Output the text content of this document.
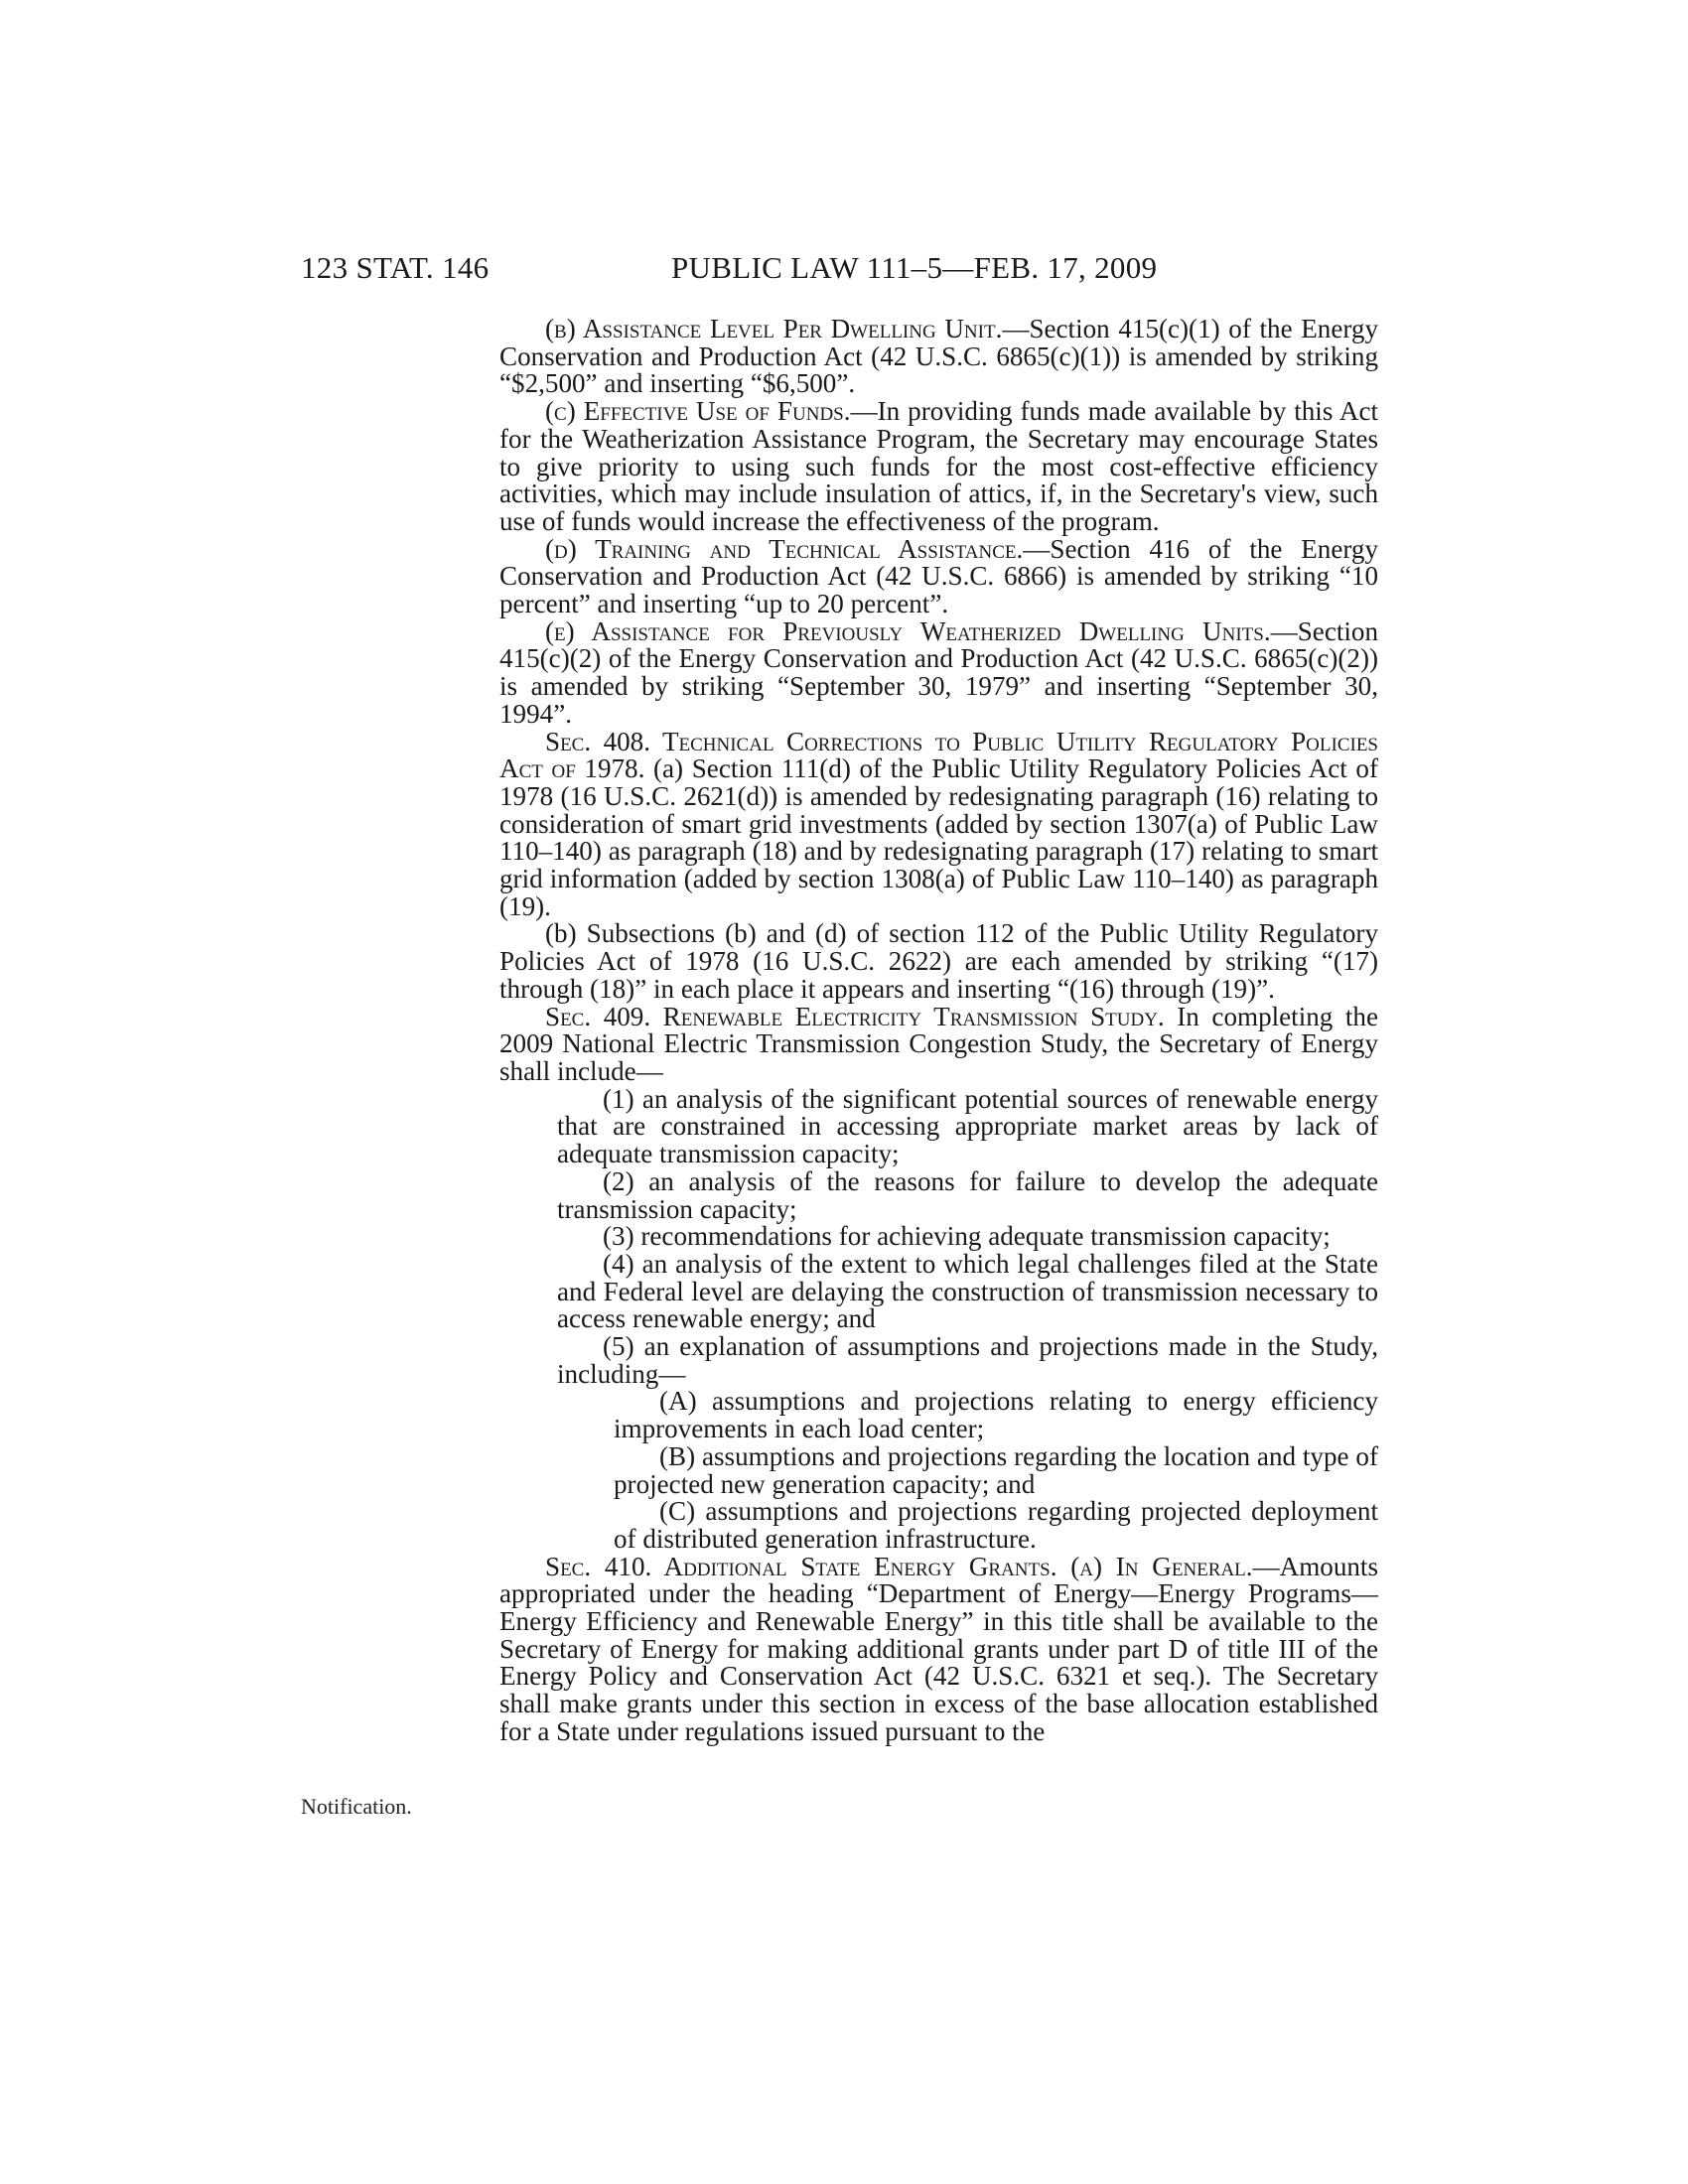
123 STAT. 146	PUBLIC LAW 111–5—FEB. 17, 2009
Notification.

(b) Assistance Level Per Dwelling Unit.—Section 415(c)(1) of the Energy Conservation and Production Act (42 U.S.C. 6865(c)(1)) is amended by striking “$2,500” and inserting “$6,500”.

(c) Effective Use of Funds.—In providing funds made available by this Act for the Weatherization Assistance Program, the Secretary may encourage States to give priority to using such funds for the most cost-effective efficiency activities, which may include insulation of attics, if, in the Secretary's view, such use of funds would increase the effectiveness of the program.

(d) Training and Technical Assistance.—Section 416 of the Energy Conservation and Production Act (42 U.S.C. 6866) is amended by striking “10 percent” and inserting “up to 20 percent”.

(e) Assistance for Previously Weatherized Dwelling Units.—Section 415(c)(2) of the Energy Conservation and Production Act (42 U.S.C. 6865(c)(2)) is amended by striking “September 30, 1979” and inserting “September 30, 1994”.

Sec. 408. Technical Corrections to Public Utility Regulatory Policies Act of 1978. (a) Section 111(d) of the Public Utility Regulatory Policies Act of 1978 (16 U.S.C. 2621(d)) is amended by redesignating paragraph (16) relating to consideration of smart grid investments (added by section 1307(a) of Public Law 110–140) as paragraph (18) and by redesignating paragraph (17) relating to smart grid information (added by section 1308(a) of Public Law 110–140) as paragraph (19).

(b) Subsections (b) and (d) of section 112 of the Public Utility Regulatory Policies Act of 1978 (16 U.S.C. 2622) are each amended by striking “(17) through (18)” in each place it appears and inserting “(16) through (19)”.

Sec. 409. Renewable Electricity Transmission Study. In completing the 2009 National Electric Transmission Congestion Study, the Secretary of Energy shall include—

(1) an analysis of the significant potential sources of renewable energy that are constrained in accessing appropriate market areas by lack of adequate transmission capacity;

(2) an analysis of the reasons for failure to develop the adequate transmission capacity;

(3) recommendations for achieving adequate transmission capacity;

(4) an analysis of the extent to which legal challenges filed at the State and Federal level are delaying the construction of transmission necessary to access renewable energy; and

(5) an explanation of assumptions and projections made in the Study, including—

(A) assumptions and projections relating to energy efficiency improvements in each load center;

(B) assumptions and projections regarding the location and type of projected new generation capacity; and

(C) assumptions and projections regarding projected deployment of distributed generation infrastructure.

Sec. 410. Additional State Energy Grants. (a) In General.—Amounts appropriated under the heading “Department of Energy—Energy Programs—Energy Efficiency and Renewable Energy” in this title shall be available to the Secretary of Energy for making additional grants under part D of title III of the Energy Policy and Conservation Act (42 U.S.C. 6321 et seq.). The Secretary shall make grants under this section in excess of the base allocation established for a State under regulations issued pursuant to the
